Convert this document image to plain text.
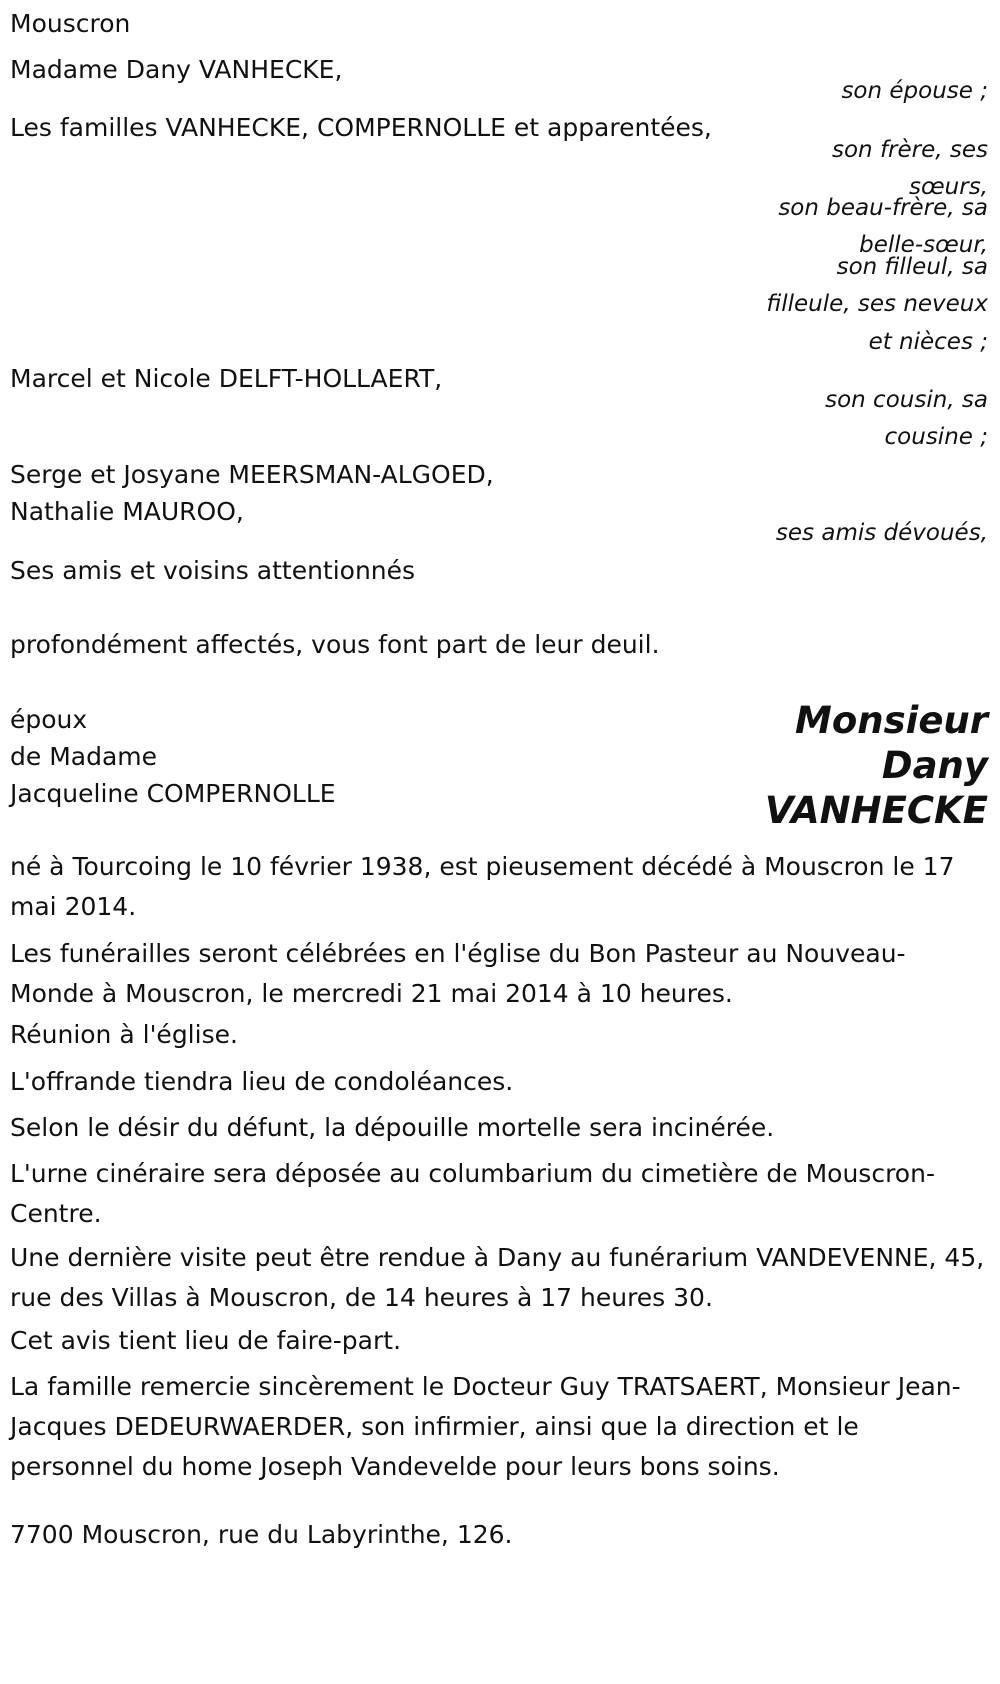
Mouscron

Madame Dany VANHECKE,

son épouse ;

Les familles VANHECKE, COMPERNOLLE et apparentées,

son frère, ses

sœurs,

son beau-frère, sa

belle-sœur,

son filleul, sa

filleule, ses neveux

et nièces ;

Marcel et Nicole DELFT-HOLLAERT,

son cousin, sa

cousine ;

Serge et Josyane MEERSMAN-ALGOED,

Nathalie MAUROO,

ses amis dévoués,

Ses amis et voisins attentionnés

profondément affectés, vous font part de leur deuil.

époux

de Madame

Jacqueline COMPERNOLLE

Monsieur

Dany

VANHECKE

né à Tourcoing le 10 février 1938, est pieusement décédé à Mouscron le 17 mai 2014.

Les funérailles seront célébrées en l'église du Bon Pasteur au Nouveau-Monde à Mouscron, le mercredi 21 mai 2014 à 10 heures.

Réunion à l'église.

L'offrande tiendra lieu de condoléances.

Selon le désir du défunt, la dépouille mortelle sera incinérée.

L'urne cinéraire sera déposée au columbarium du cimetière de Mouscron-Centre.

Une dernière visite peut être rendue à Dany au funérarium VANDEVENNE, 45, rue des Villas à Mouscron, de 14 heures à 17 heures 30.

Cet avis tient lieu de faire-part.

La famille remercie sincèrement le Docteur Guy TRATSAERT, Monsieur Jean-Jacques DEDEURWAERDER, son infirmier, ainsi que la direction et le personnel du home Joseph Vandevelde pour leurs bons soins.

7700 Mouscron, rue du Labyrinthe, 126.
